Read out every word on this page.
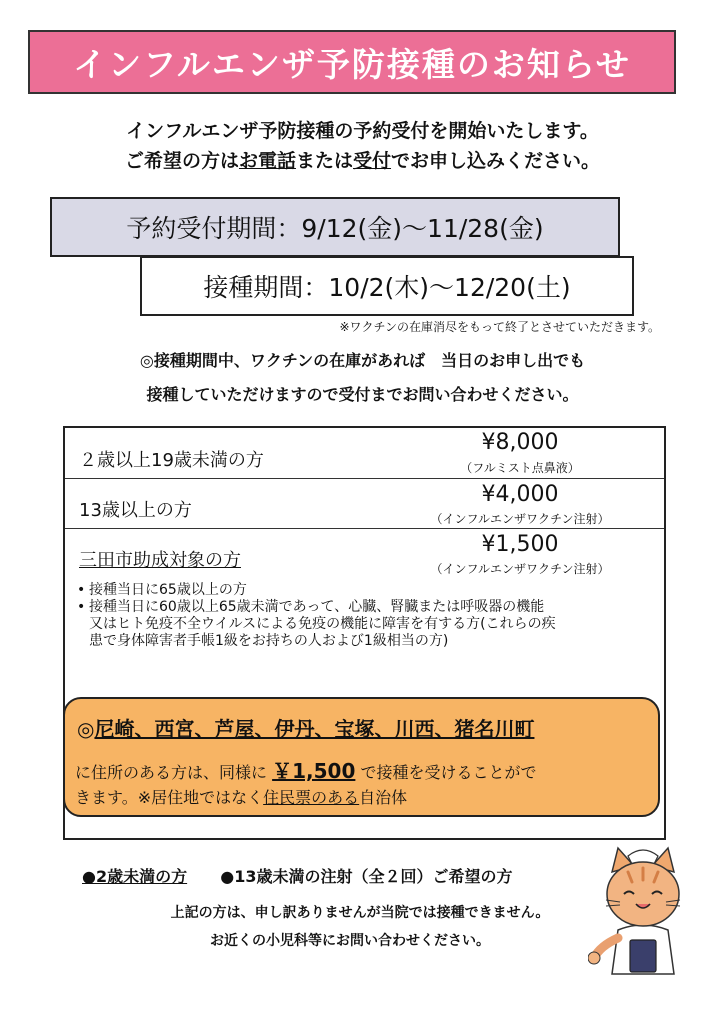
インフルエンザ予防接種のお知らせ
インフルエンザ予防接種の予約受付を開始いたします。
ご希望の方はお電話または受付でお申し込みください。
予約受付期間：9/12(金)～11/28(金)
接種期間：10/2(木)～12/20(土)
※ワクチンの在庫消尽をもって終了とさせていただきます。
◎接種期間中、ワクチンの在庫があれば　当日のお申し出でも
接種していただけますので受付までお問い合わせください。
２歳以上19歳未満の方
¥8,000
（フルミスト点鼻液）
13歳以上の方
¥4,000
（インフルエンザワクチン注射）
三田市助成対象の方
¥1,500
（インフルエンザワクチン注射）
• 接種当日に65歳以上の方
• 接種当日に60歳以上65歳未満であって、心臓、腎臓または呼吸器の機能又はヒト免疫不全ウイルスによる免疫の機能に障害を有する方(これらの疾患で身体障害者手帳1級をお持ちの人および1級相当の方)
◎尼崎、西宮、芦屋、伊丹、宝塚、川西、猪名川町
に住所のある方は、同様に ￥1,500 で接種を受けることがで
きます。※居住地ではなく住民票のある自治体
●2歳未満の方 ●13歳未満の注射（全２回）ご希望の方
上記の方は、申し訳ありませんが当院では接種できません。
お近くの小児科等にお問い合わせください。
